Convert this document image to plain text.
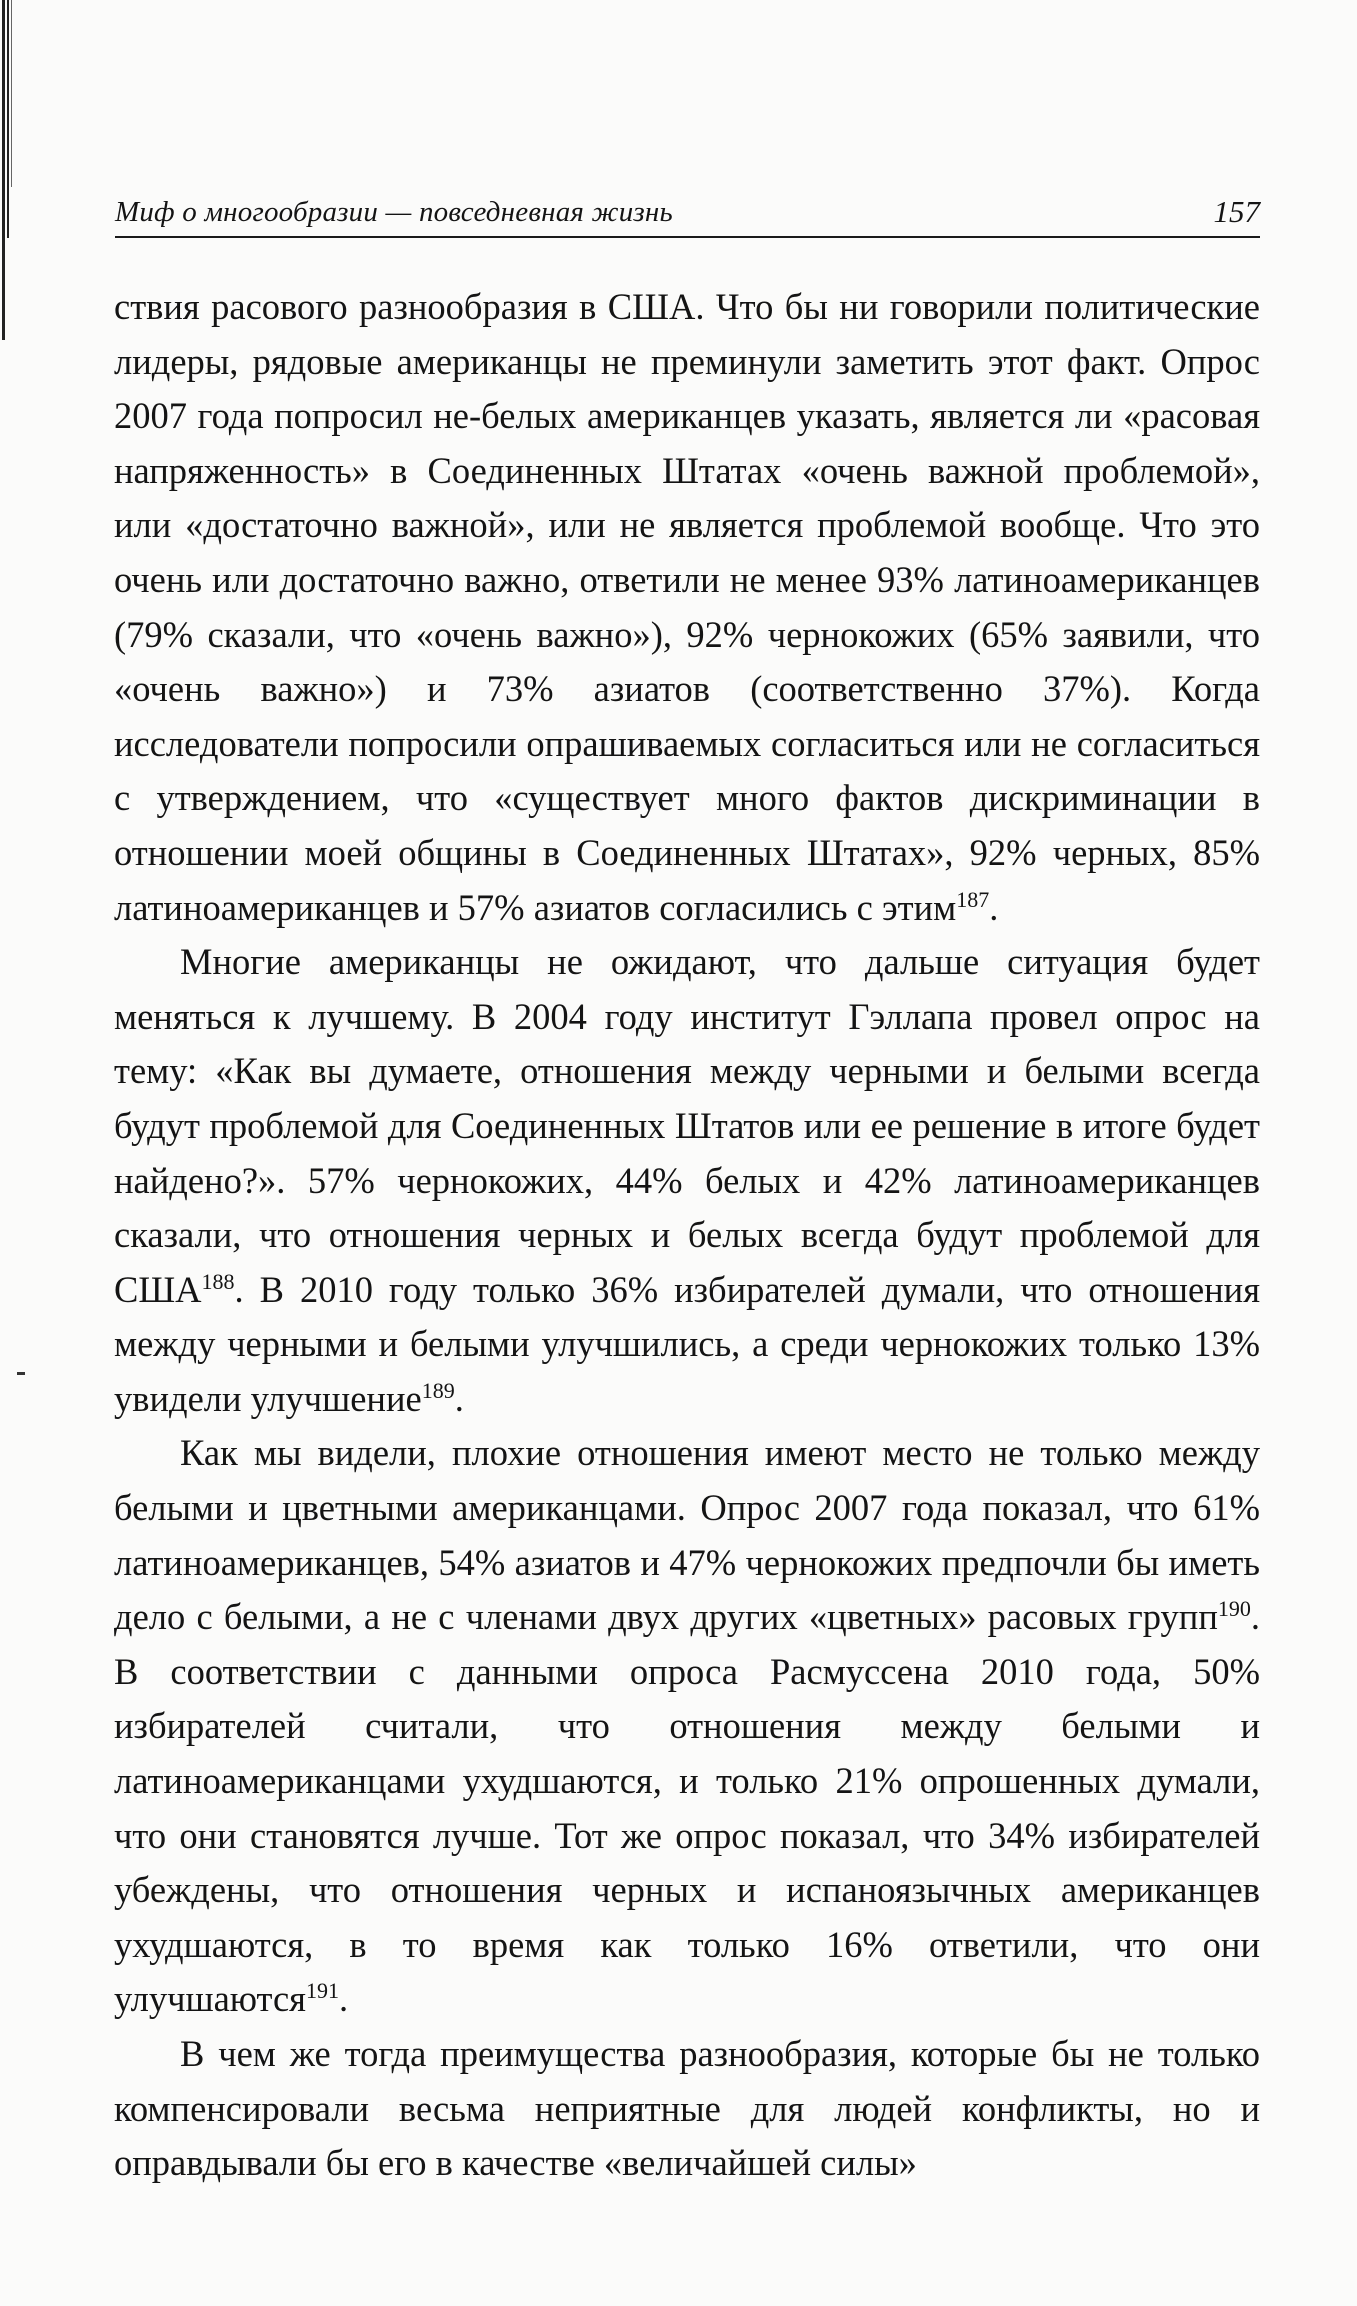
Миф о многообразии — повседневная жизнь	157

ствия расового разнообразия в США. Что бы ни говорили политические лидеры, рядовые американцы не преминули заметить этот факт. Опрос 2007 года попросил не-белых американцев указать, является ли «расовая напряженность» в Соединенных Штатах «очень важной проблемой», или «достаточно важной», или не является проблемой вообще. Что это очень или достаточно важно, ответили не менее 93% латиноамериканцев (79% сказали, что «очень важно»), 92% чернокожих (65% заявили, что «очень важно») и 73% азиатов (соответственно 37%). Когда исследователи попросили опрашиваемых согласиться или не согласиться с утверждением, что «существует много фактов дискриминации в отношении моей общины в Соединенных Штатах», 92% черных, 85% латиноамериканцев и 57% азиатов согласились с этим$^{187}$.

Многие американцы не ожидают, что дальше ситуация будет меняться к лучшему. В 2004 году институт Гэллапа провел опрос на тему: «Как вы думаете, отношения между черными и белыми всегда будут проблемой для Соединенных Штатов или ее решение в итоге будет найдено?». 57% чернокожих, 44% белых и 42% латиноамериканцев сказали, что отношения черных и белых всегда будут проблемой для США$^{188}$. В 2010 году только 36% избирателей думали, что отношения между черными и белыми улучшились, а среди чернокожих только 13% увидели улучшение$^{189}$.

Как мы видели, плохие отношения имеют место не только между белыми и цветными американцами. Опрос 2007 года показал, что 61% латиноамериканцев, 54% азиатов и 47% чернокожих предпочли бы иметь дело с белыми, а не с членами двух других «цветных» расовых групп$^{190}$. В соответствии с данными опроса Расмуссена 2010 года, 50% избирателей считали, что отношения между белыми и латиноамериканцами ухудшаются, и только 21% опрошенных думали, что они становятся лучше. Тот же опрос показал, что 34% избирателей убеждены, что отношения черных и испаноязычных американцев ухудшаются, в то время как только 16% ответили, что они улучшаются$^{191}$.

В чем же тогда преимущества разнообразия, которые бы не только компенсировали весьма неприятные для людей конфликты, но и оправдывали бы его в качестве «величайшей силы»
